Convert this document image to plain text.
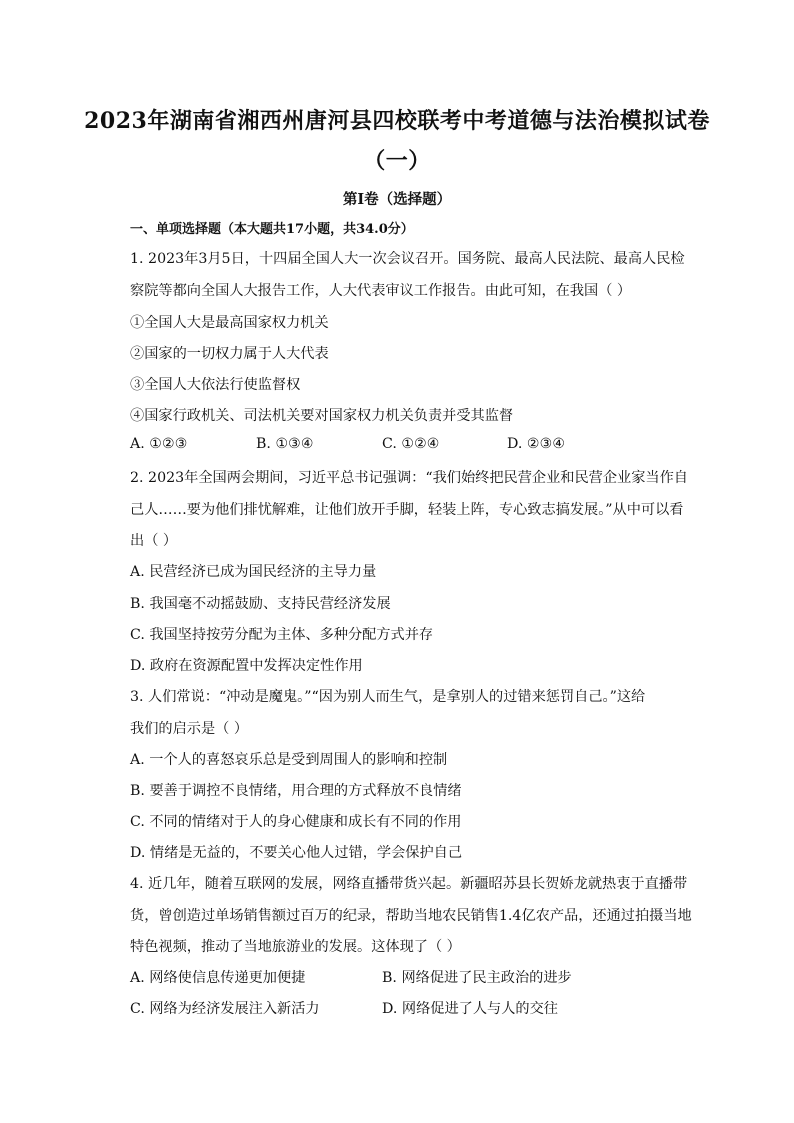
2023年湖南省湘西州唐河县四校联考中考道德与法治模拟试卷
（一）
第Ⅰ卷（选择题）
一、单项选择题（本大题共17小题，共34.0分）
1. 2023年3月5日，十四届全国人大一次会议召开。国务院、最高人民法院、最高人民检
察院等都向全国人大报告工作，人大代表审议工作报告。由此可知，在我国（ ）
①全国人大是最高国家权力机关
②国家的一切权力属于人大代表
③全国人大依法行使监督权
④国家行政机关、司法机关要对国家权力机关负责并受其监督
A. ①②③	B. ①③④	C. ①②④	D. ②③④
2. 2023年全国两会期间，习近平总书记强调：“我们始终把民营企业和民营企业家当作自
己人……要为他们排忧解难，让他们放开手脚，轻装上阵，专心致志搞发展。”从中可以看
出（ ）
A. 民营经济已成为国民经济的主导力量
B. 我国毫不动摇鼓励、支持民营经济发展
C. 我国坚持按劳分配为主体、多种分配方式并存
D. 政府在资源配置中发挥决定性作用
3. 人们常说：“冲动是魔鬼。”“因为别人而生气，是拿别人的过错来惩罚自己。”这给
我们的启示是（ ）
A. 一个人的喜怒哀乐总是受到周围人的影响和控制
B. 要善于调控不良情绪，用合理的方式释放不良情绪
C. 不同的情绪对于人的身心健康和成长有不同的作用
D. 情绪是无益的，不要关心他人过错，学会保护自己
4. 近几年，随着互联网的发展，网络直播带货兴起。新疆昭苏县长贺娇龙就热衷于直播带
货，曾创造过单场销售额过百万的纪录，帮助当地农民销售1.4亿农产品，还通过拍摄当地
特色视频，推动了当地旅游业的发展。这体现了（ ）
A. 网络使信息传递更加便捷	B. 网络促进了民主政治的进步
C. 网络为经济发展注入新活力	D. 网络促进了人与人的交往
